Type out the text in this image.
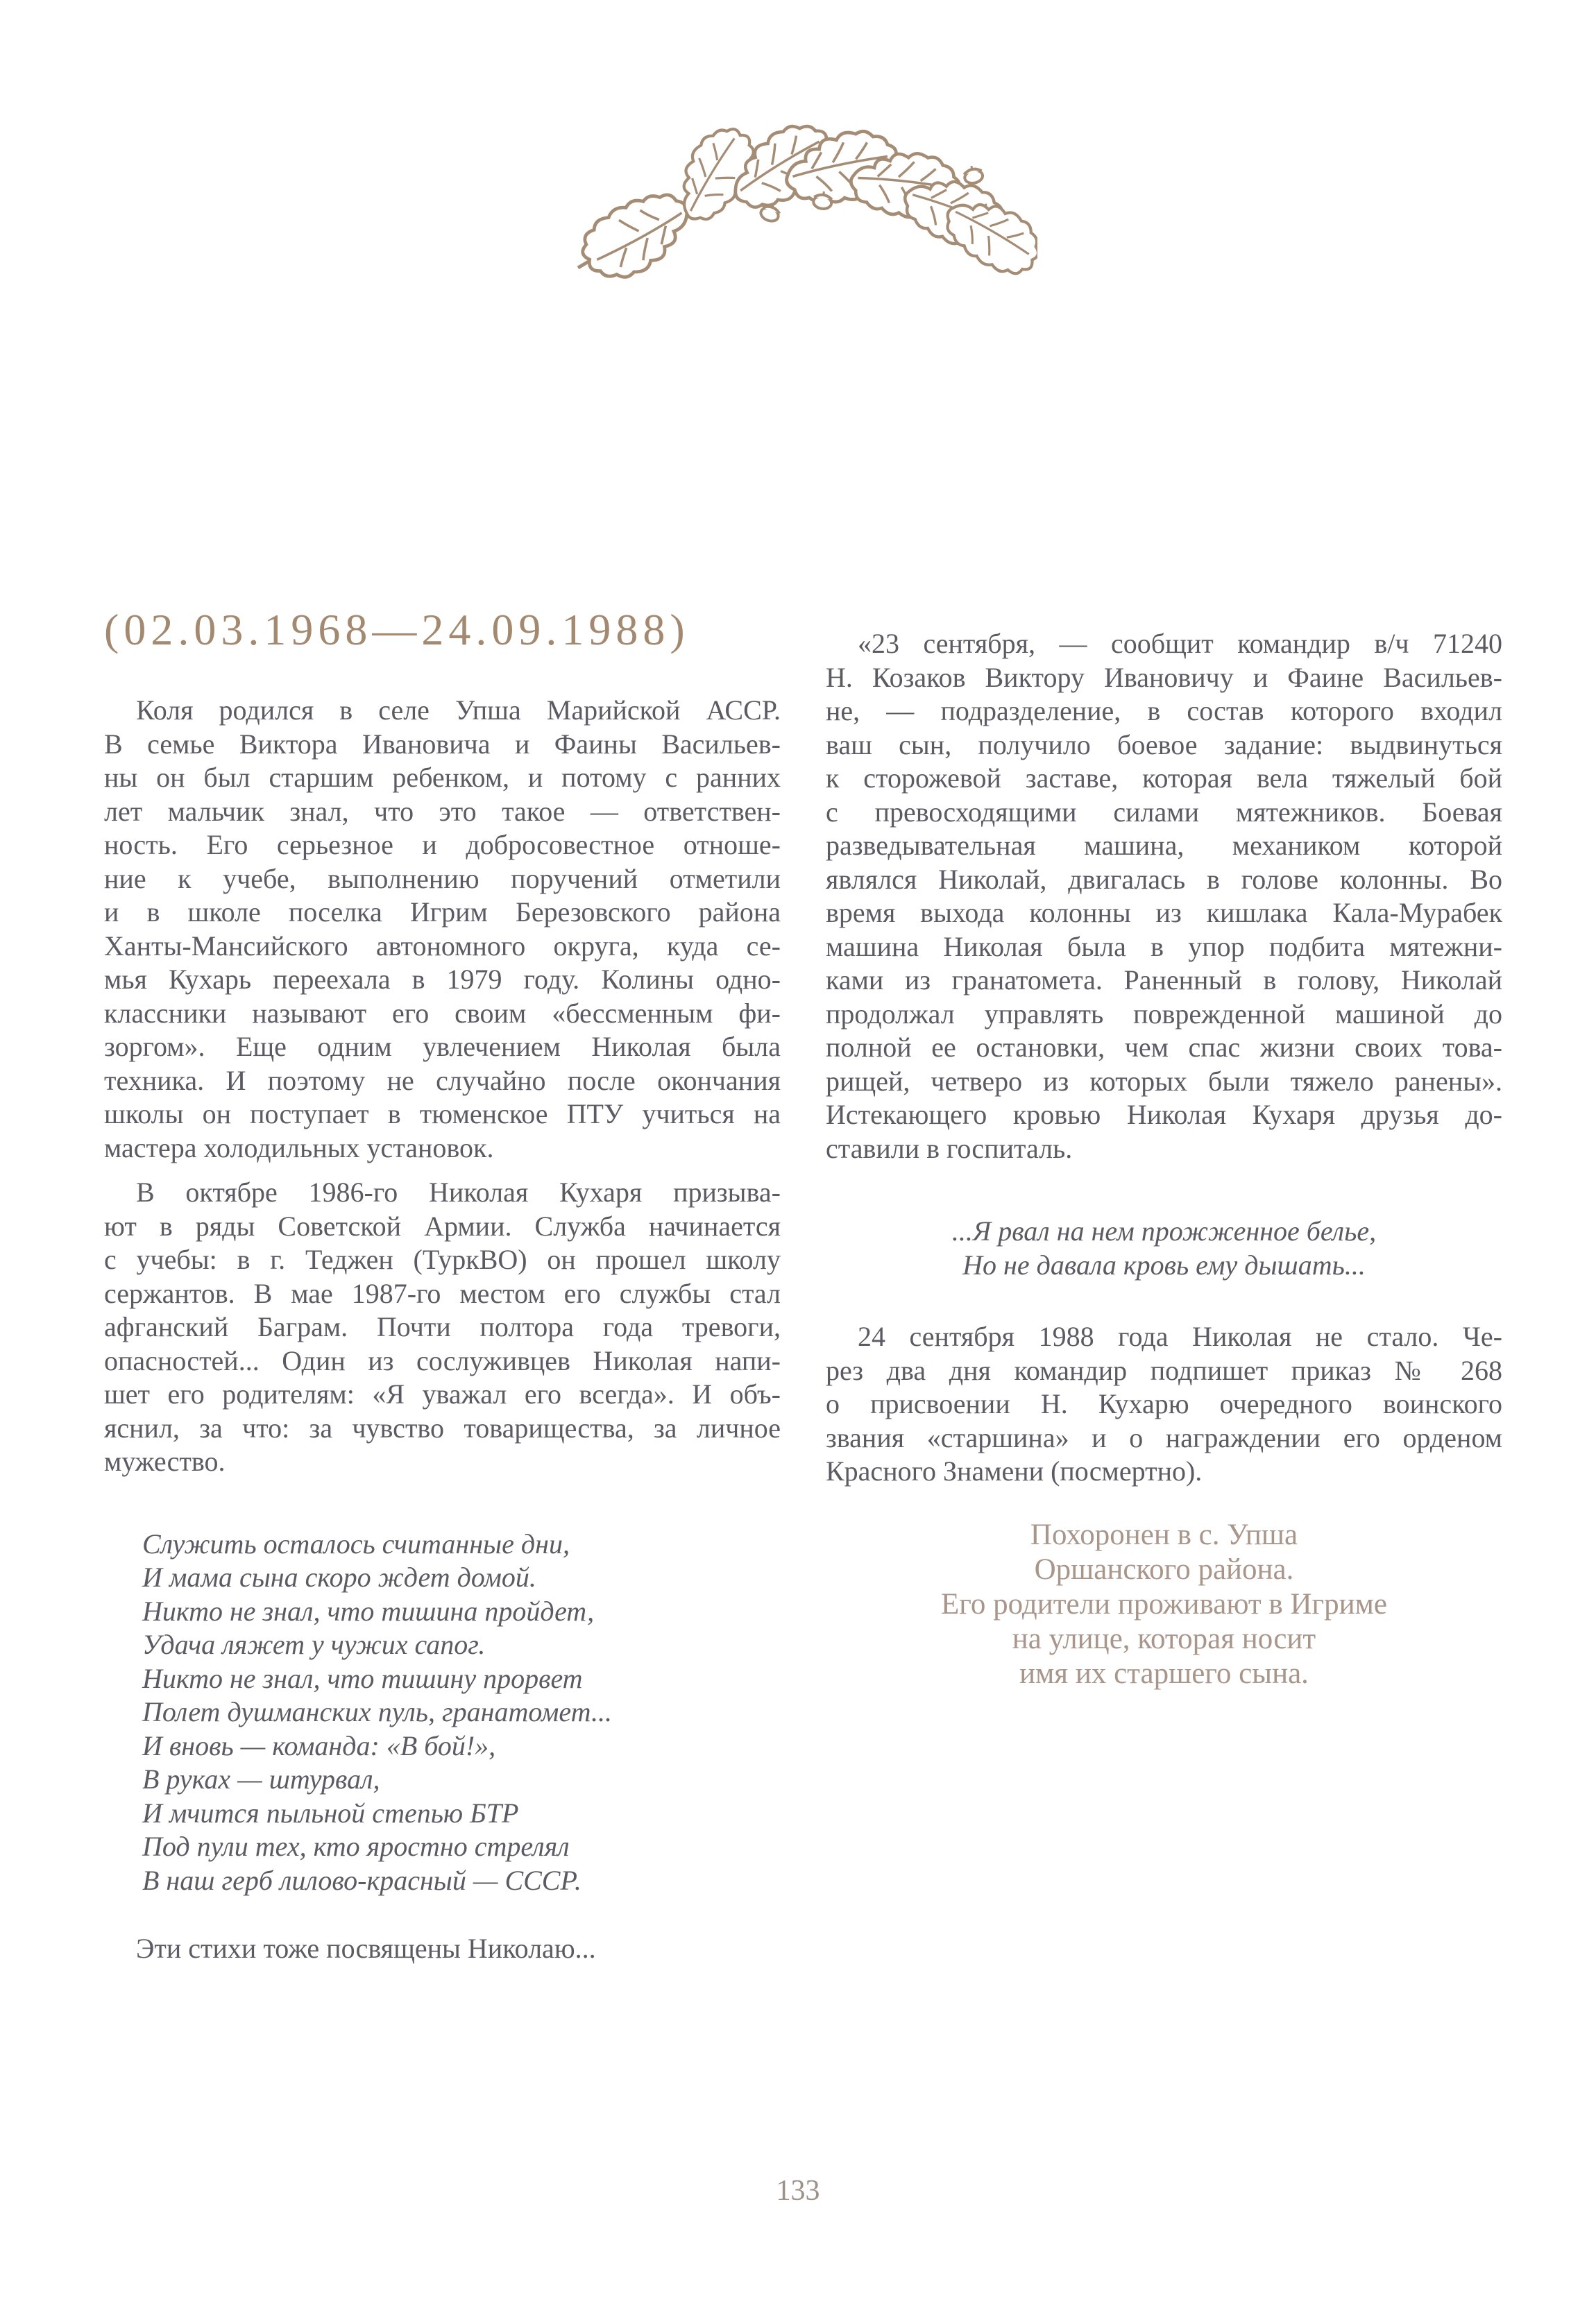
(02.03.1968—24.09.1988)
Коля родился в селе Упша Марийской АССР.
В семье Виктора Ивановича и Фаины Васильев-
ны он был старшим ребенком, и потому с ранних
лет мальчик знал, что это такое — ответствен-
ность. Его серьезное и добросовестное отноше-
ние к учебе, выполнению поручений отметили
и в школе поселка Игрим Березовского района
Ханты-Мансийского автономного округа, куда се-
мья Кухарь переехала в 1979 году. Колины одно-
классники называют его своим «бессменным фи-
зоргом». Еще одним увлечением Николая была
техника. И поэтому не случайно после окончания
школы он поступает в тюменское ПТУ учиться на
мастера холодильных установок.
В октябре 1986-го Николая Кухаря призыва-
ют в ряды Советской Армии. Служба начинается
с учебы: в г. Теджен (ТуркВО) он прошел школу
сержантов. В мае 1987-го местом его службы стал
афганский Баграм. Почти полтора года тревоги,
опасностей... Один из сослуживцев Николая напи-
шет его родителям: «Я уважал его всегда». И объ-
яснил, за что: за чувство товарищества, за личное
мужество.
Служить осталось считанные дни,
И мама сына скоро ждет домой.
Никто не знал, что тишина пройдет,
Удача ляжет у чужих сапог.
Никто не знал, что тишину прорвет
Полет душманских пуль, гранатомет...
И вновь — команда: «В бой!»,
В руках — штурвал,
И мчится пыльной степью БТР
Под пули тех, кто яростно стрелял
В наш герб лилово-красный — СССР.
Эти стихи тоже посвящены Николаю...
«23 сентября, — сообщит командир в/ч 71240
Н. Козаков Виктору Ивановичу и Фаине Васильев-
не, — подразделение, в состав которого входил
ваш сын, получило боевое задание: выдвинуться
к сторожевой заставе, которая вела тяжелый бой
с превосходящими силами мятежников. Боевая
разведывательная машина, механиком которой
являлся Николай, двигалась в голове колонны. Во
время выхода колонны из кишлака Кала-Мурабек
машина Николая была в упор подбита мятежни-
ками из гранатомета. Раненный в голову, Николай
продолжал управлять поврежденной машиной до
полной ее остановки, чем спас жизни своих това-
рищей, четверо из которых были тяжело ранены».
Истекающего кровью Николая Кухаря друзья до-
ставили в госпиталь.
...Я рвал на нем прожженное белье,
Но не давала кровь ему дышать...
24 сентября 1988 года Николая не стало. Че-
рез два дня командир подпишет приказ № 268
о присвоении Н. Кухарю очередного воинского
звания «старшина» и о награждении его орденом
Красного Знамени (посмертно).
Похоронен в с. Упша
Оршанского района.
Его родители проживают в Игриме
на улице, которая носит
имя их старшего сына.
133
